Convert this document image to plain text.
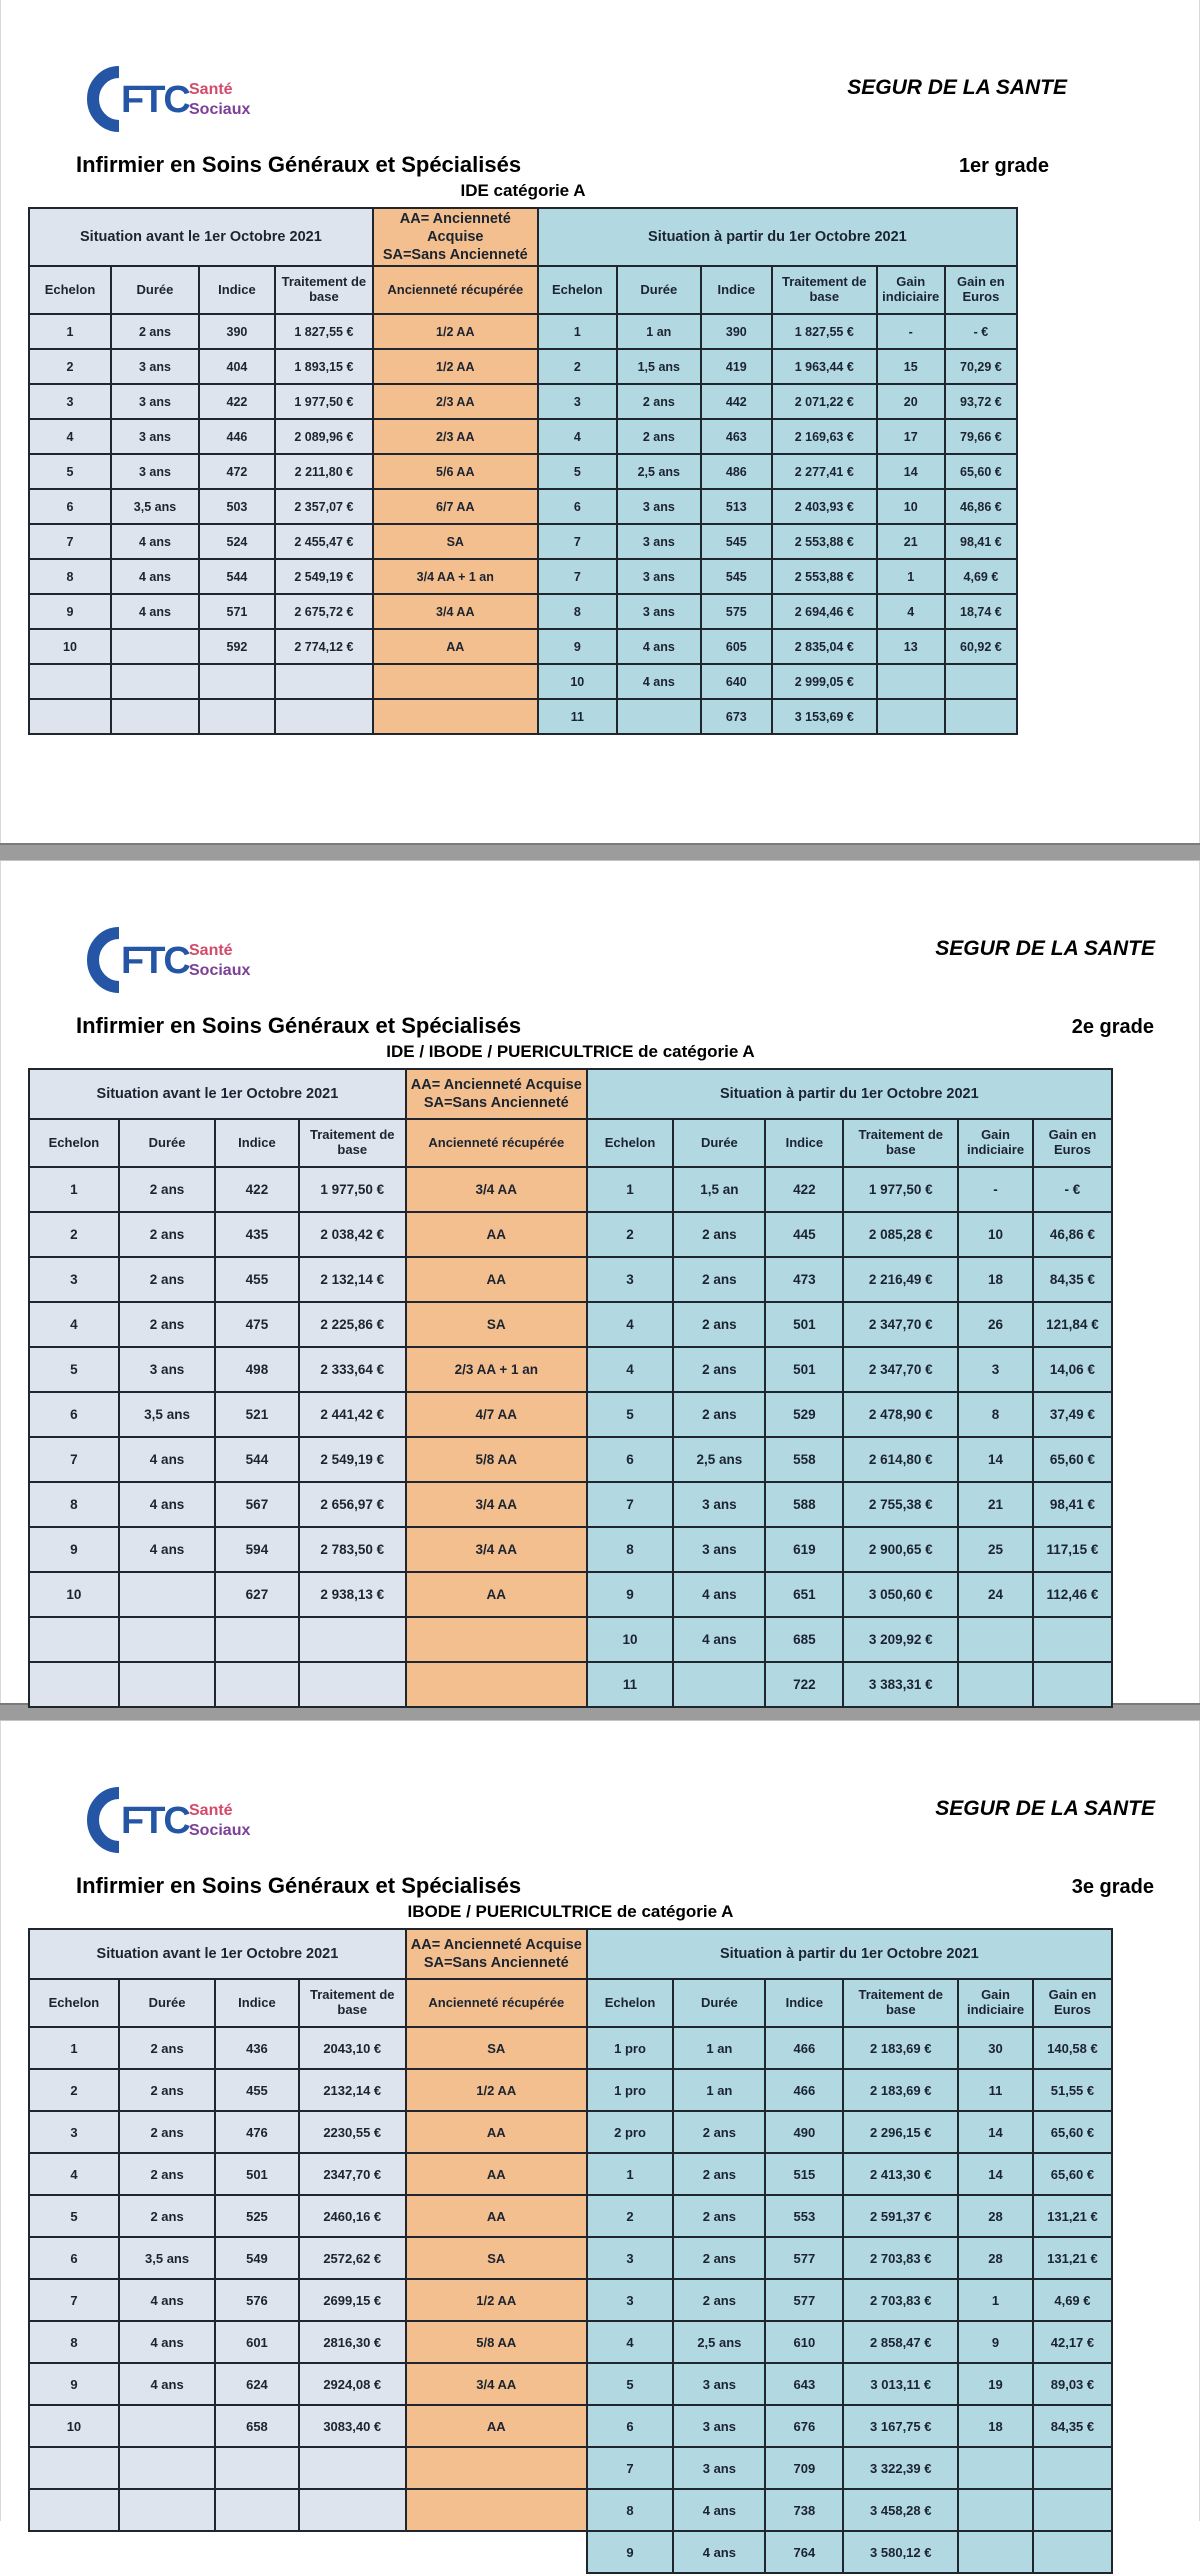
FTC Santé
Sociaux
SEGUR DE LA SANTE
Infirmier en Soins Généraux et Spécialisés	1er grade
IDE catégorie A
Situation avant le 1er Octobre 2021				AA= Ancienneté Acquise
SA=Sans Ancienneté	Situation à partir du 1er Octobre 2021					
Echelon	Durée	Indice	Traitement de base	Ancienneté récupérée	Echelon	Durée	Indice	Traitement de base	Gain indiciaire	Gain en Euros
1	2 ans	390	1 827,55 €	1/2 AA	1	1 an	390	1 827,55 €	-	- €
2	3 ans	404	1 893,15 €	1/2 AA	2	1,5 ans	419	1 963,44 €	15	70,29 €
3	3 ans	422	1 977,50 €	2/3 AA	3	2 ans	442	2 071,22 €	20	93,72 €
4	3 ans	446	2 089,96 €	2/3 AA	4	2 ans	463	2 169,63 €	17	79,66 €
5	3 ans	472	2 211,80 €	5/6 AA	5	2,5 ans	486	2 277,41 €	14	65,60 €
6	3,5 ans	503	2 357,07 €	6/7 AA	6	3 ans	513	2 403,93 €	10	46,86 €
7	4 ans	524	2 455,47 €	SA	7	3 ans	545	2 553,88 €	21	98,41 €
8	4 ans	544	2 549,19 €	3/4 AA + 1 an	7	3 ans	545	2 553,88 €	1	4,69 €
9	4 ans	571	2 675,72 €	3/4 AA	8	3 ans	575	2 694,46 €	4	18,74 €
10		592	2 774,12 €	AA	9	4 ans	605	2 835,04 €	13	60,92 €
					10	4 ans	640	2 999,05 €		
					11		673	3 153,69 €		
FTC Santé
Sociaux
SEGUR DE LA SANTE
Infirmier en Soins Généraux et Spécialisés	2e grade
IDE / IBODE / PUERICULTRICE de catégorie A
Situation avant le 1er Octobre 2021				AA= Ancienneté Acquise
SA=Sans Ancienneté	Situation à partir du 1er Octobre 2021					
Echelon	Durée	Indice	Traitement de base	Ancienneté récupérée	Echelon	Durée	Indice	Traitement de base	Gain indiciaire	Gain en Euros
1	2 ans	422	1 977,50 €	3/4 AA	1	1,5 an	422	1 977,50 €	-	- €
2	2 ans	435	2 038,42 €	AA	2	2 ans	445	2 085,28 €	10	46,86 €
3	2 ans	455	2 132,14 €	AA	3	2 ans	473	2 216,49 €	18	84,35 €
4	2 ans	475	2 225,86 €	SA	4	2 ans	501	2 347,70 €	26	121,84 €
5	3 ans	498	2 333,64 €	2/3 AA + 1 an	4	2 ans	501	2 347,70 €	3	14,06 €
6	3,5 ans	521	2 441,42 €	4/7 AA	5	2 ans	529	2 478,90 €	8	37,49 €
7	4 ans	544	2 549,19 €	5/8 AA	6	2,5 ans	558	2 614,80 €	14	65,60 €
8	4 ans	567	2 656,97 €	3/4 AA	7	3 ans	588	2 755,38 €	21	98,41 €
9	4 ans	594	2 783,50 €	3/4 AA	8	3 ans	619	2 900,65 €	25	117,15 €
10		627	2 938,13 €	AA	9	4 ans	651	3 050,60 €	24	112,46 €
					10	4 ans	685	3 209,92 €		
					11		722	3 383,31 €		
FTC Santé
Sociaux
SEGUR DE LA SANTE
Infirmier en Soins Généraux et Spécialisés	3e grade
IBODE / PUERICULTRICE de catégorie A
Situation avant le 1er Octobre 2021				AA= Ancienneté Acquise
SA=Sans Ancienneté	Situation à partir du 1er Octobre 2021					
Echelon	Durée	Indice	Traitement de base	Ancienneté récupérée	Echelon	Durée	Indice	Traitement de base	Gain indiciaire	Gain en Euros
1	2 ans	436	2043,10 €	SA	1 pro	1 an	466	2 183,69 €	30	140,58 €
2	2 ans	455	2132,14 €	1/2 AA	1 pro	1 an	466	2 183,69 €	11	51,55 €
3	2 ans	476	2230,55 €	AA	2 pro	2 ans	490	2 296,15 €	14	65,60 €
4	2 ans	501	2347,70 €	AA	1	2 ans	515	2 413,30 €	14	65,60 €
5	2 ans	525	2460,16 €	AA	2	2 ans	553	2 591,37 €	28	131,21 €
6	3,5 ans	549	2572,62 €	SA	3	2 ans	577	2 703,83 €	28	131,21 €
7	4 ans	576	2699,15 €	1/2 AA	3	2 ans	577	2 703,83 €	1	4,69 €
8	4 ans	601	2816,30 €	5/8 AA	4	2,5 ans	610	2 858,47 €	9	42,17 €
9	4 ans	624	2924,08 €	3/4 AA	5	3 ans	643	3 013,11 €	19	89,03 €
10		658	3083,40 €	AA	6	3 ans	676	3 167,75 €	18	84,35 €
					7	3 ans	709	3 322,39 €		
					8	4 ans	738	3 458,28 €		
					9	4 ans	764	3 580,12 €		
